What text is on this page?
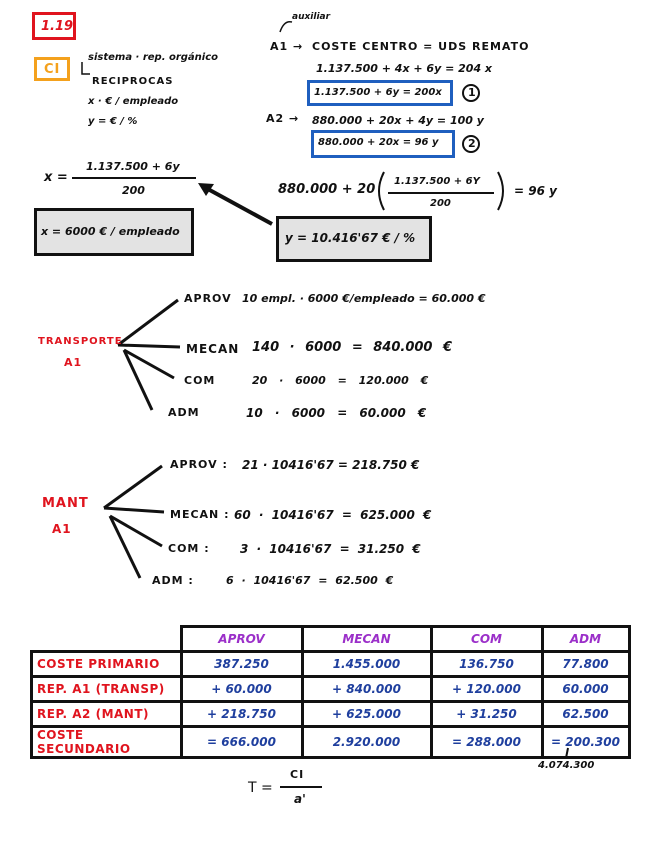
1.19
CI
sistema · rep. orgánico
RECIPROCAS
x · € / empleado
y = € / %
auxiliar
A1 → COSTE CENTRO = UDS REMATO
1.137.500 + 4x + 6y = 204 x
1.137.500 + 6y = 200x 1
A2 → 880.000 + 20x + 4y = 100 y
880.000 + 20x = 96 y	2
x =
1.137.500 + 6y
200	880.000 + 20
1.137.500 + 6Y
200
= 96 y
x = 6000 € / empleado	y = 10.416'67 € / %
TRANSPORTE
A1
APROV 10 empl. · 6000 €/empleado = 60.000 €
MECAN 140 · 6000 = 840.000 €
COM	20 · 6000 = 120.000 €
ADM	10 · 6000 = 60.000 €
MANT
A1
APROV : 21 · 10416'67 = 218.750 €
MECAN : 60 · 10416'67 = 625.000 €
COM :	3 · 10416'67 = 31.250 €
ADM :	6 · 10416'67 = 62.500 €
	APROV	MECAN	COM	ADM
COSTE PRIMARIO	387.250	1.455.000	136.750	77.800
REP. A1 (TRANSP)	+ 60.000	+ 840.000	+ 120.000	60.000
REP. A2 (MANT)	+ 218.750	+ 625.000	+ 31.250	62.500
COSTE SECUNDARIO	= 666.000	2.920.000	= 288.000	= 200.300
4.074.300
T =
CI
a'
